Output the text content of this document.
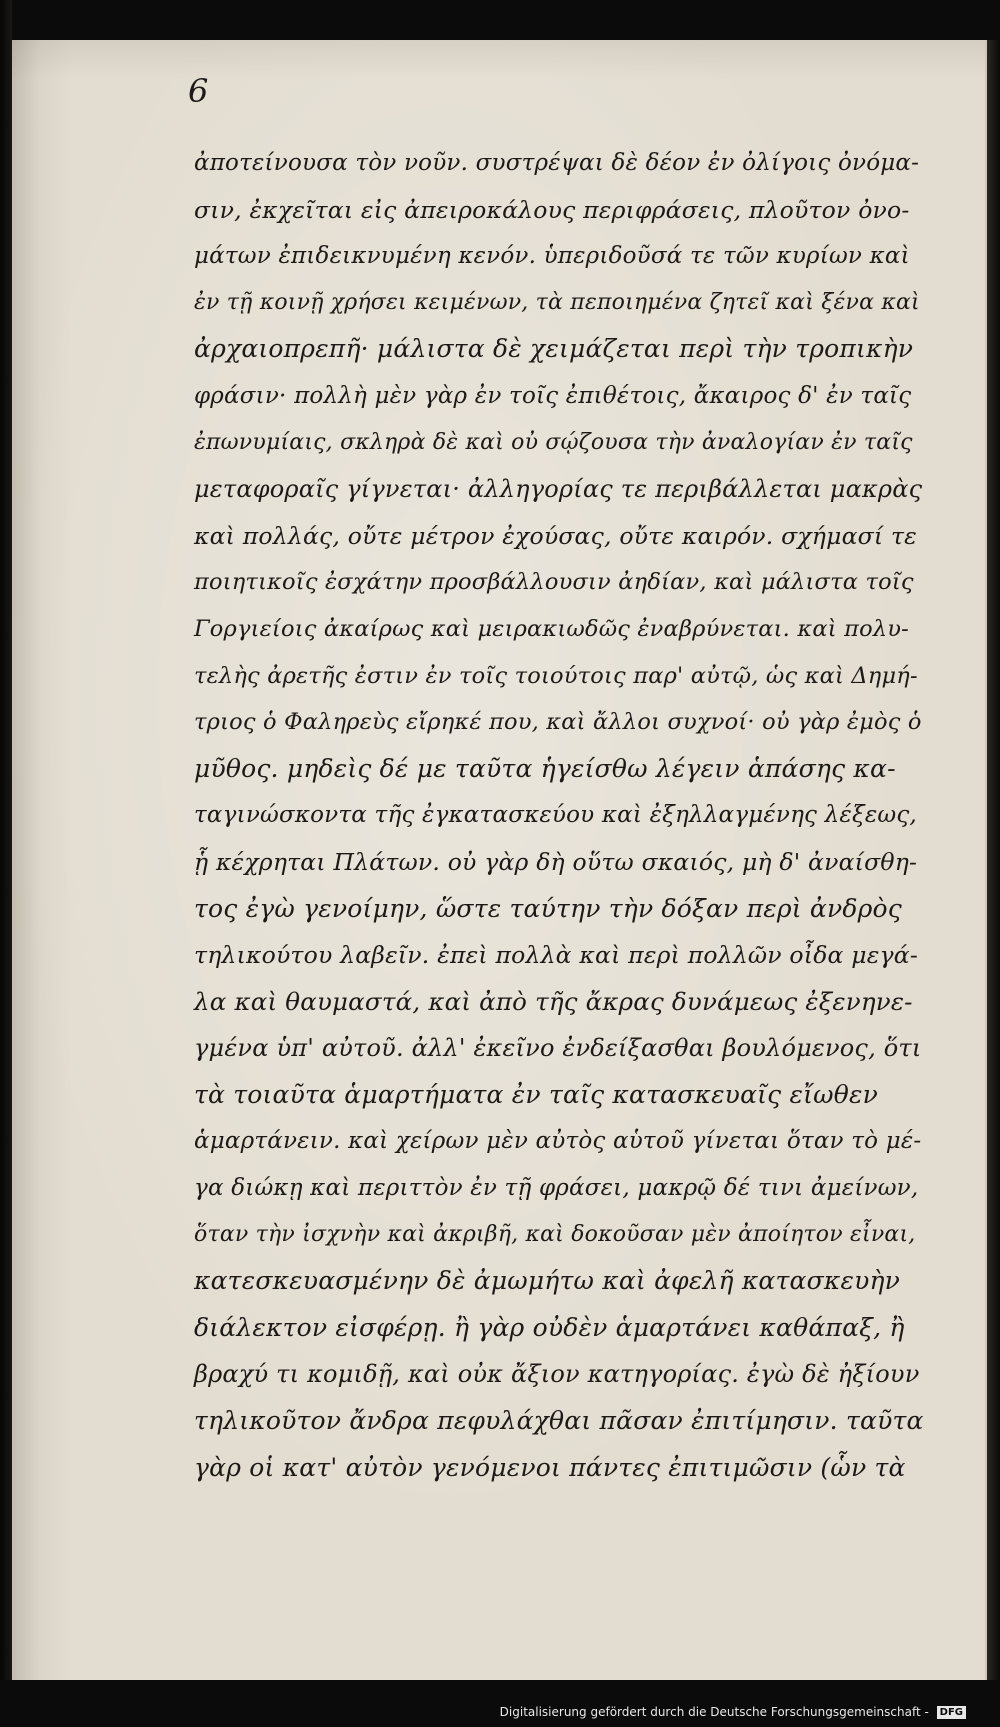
6
ἀποτείνουσα τὸν νοῦν. συστρέψαι δὲ δέον ἐν ὀλίγοις ὀνόμα-
σιν, ἐκχεῖται εἰς ἀπειροκάλους περιφράσεις, πλοῦτον ὀνο-
μάτων ἐπιδεικνυμένη κενόν. ὑπεριδοῦσά τε τῶν κυρίων καὶ
ἐν τῇ κοινῇ χρήσει κειμένων, τὰ πεποιημένα ζητεῖ καὶ ξένα καὶ
ἀρχαιοπρεπῆ· μάλιστα δὲ χειμάζεται περὶ τὴν τροπικὴν
φράσιν· πολλὴ μὲν γὰρ ἐν τοῖς ἐπιθέτοις, ἄκαιρος δ' ἐν ταῖς
ἐπωνυμίαις, σκληρὰ δὲ καὶ οὐ σῴζουσα τὴν ἀναλογίαν ἐν ταῖς
μεταφοραῖς γίγνεται· ἀλληγορίας τε περιβάλλεται μακρὰς
καὶ πολλάς, οὔτε μέτρον ἐχούσας, οὔτε καιρόν. σχήμασί τε
ποιητικοῖς ἐσχάτην προσβάλλουσιν ἀηδίαν, καὶ μάλιστα τοῖς
Γοργιείοις ἀκαίρως καὶ μειρακιωδῶς ἐναβρύνεται. καὶ πολυ-
τελὴς ἀρετῆς ἐστιν ἐν τοῖς τοιούτοις παρ' αὐτῷ, ὡς καὶ Δημή-
τριος ὁ Φαληρεὺς εἴρηκέ που, καὶ ἄλλοι συχνοί· οὐ γὰρ ἐμὸς ὁ
μῦθος. μηδεὶς δέ με ταῦτα ἡγείσθω λέγειν ἁπάσης κα-
ταγινώσκοντα τῆς ἐγκατασκεύου καὶ ἐξηλλαγμένης λέξεως,
ᾗ κέχρηται Πλάτων. οὐ γὰρ δὴ οὕτω σκαιός, μὴ δ' ἀναίσθη-
τος ἐγὼ γενοίμην, ὥστε ταύτην τὴν δόξαν περὶ ἀνδρὸς
τηλικούτου λαβεῖν. ἐπεὶ πολλὰ καὶ περὶ πολλῶν οἶδα μεγά-
λα καὶ θαυμαστά, καὶ ἀπὸ τῆς ἄκρας δυνάμεως ἐξενηνε-
γμένα ὑπ' αὐτοῦ. ἀλλ' ἐκεῖνο ἐνδείξασθαι βουλόμενος, ὅτι
τὰ τοιαῦτα ἁμαρτήματα ἐν ταῖς κατασκευαῖς εἴωθεν
ἁμαρτάνειν. καὶ χείρων μὲν αὐτὸς αὑτοῦ γίνεται ὅταν τὸ μέ-
γα διώκῃ καὶ περιττὸν ἐν τῇ φράσει, μακρῷ δέ τινι ἀμείνων,
ὅταν τὴν ἰσχνὴν καὶ ἀκριβῆ, καὶ δοκοῦσαν μὲν ἀποίητον εἶναι,
κατεσκευασμένην δὲ ἀμωμήτω καὶ ἀφελῆ κατασκευὴν
διάλεκτον εἰσφέρῃ. ἢ γὰρ οὐδὲν ἁμαρτάνει καθάπαξ, ἢ
βραχύ τι κομιδῇ, καὶ οὐκ ἄξιον κατηγορίας. ἐγὼ δὲ ἠξίουν
τηλικοῦτον ἄνδρα πεφυλάχθαι πᾶσαν ἐπιτίμησιν. ταῦτα
γὰρ οἱ κατ' αὐτὸν γενόμενοι πάντες ἐπιτιμῶσιν (ὧν τὰ
Digitalisierung gefördert durch die Deutsche Forschungsgemeinschaft - DFG
